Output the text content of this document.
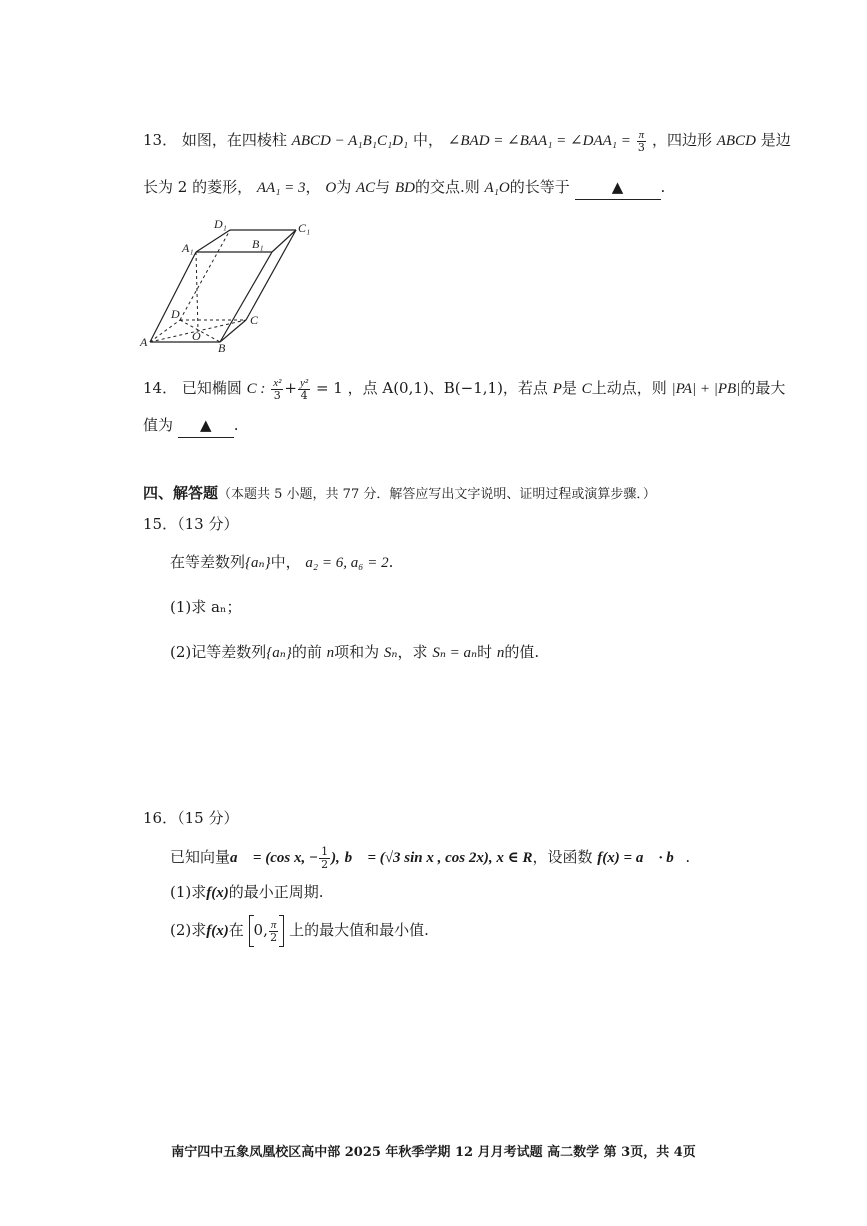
13． 如图，在四棱柱 ABCD − A₁B₁C₁D₁ 中， ∠BAD = ∠BAA₁ = ∠DAA₁ = $\frac{\pi}{3}$ ，四边形 ABCD 是边
长为 2 的菱形， AA₁ = 3， O为 AC与 BD的交点.则 A₁O的长等于	▲ .
D₁	C₁
A₁	B₁
D	C
A	O
B
14． 已知椭圆 C : $\frac{\text{x²}}{3} + \frac{\text{y²}}{4} = 1$ ，点 A(0,1)、B(−1,1)，若点 P是 C上动点，则 |PA| + |PB|的最大
值为 ▲ .
四、解答题（本题共 5 小题，共 77 分．解答应写出文字说明、证明过程或演算步骤．）
15．（13 分）
在等差数列{aₙ}中， a₂ = 6, a₆ = 2.
(1)求 aₙ；
(2)记等差数列{aₙ}的前 n项和为 Sₙ，求 Sₙ = aₙ时 n的值.
16．（15 分）
已知向量a⃗ = (cos x, − $\frac{1}{2}$ ), b⃗ = (√3 sin x , cos 2x), x ∈ R，设函数 f(x) = a⃗ · b⃗.
(1)求f(x)的最小正周期.
(2)求f(x)在 0, $\frac{\pi}{2}$ 上的最大值和最小值.
南宁四中五象凤凰校区高中部 2025 年秋季学期 12 月月考试题 高二数学 第 3页，共 4页
